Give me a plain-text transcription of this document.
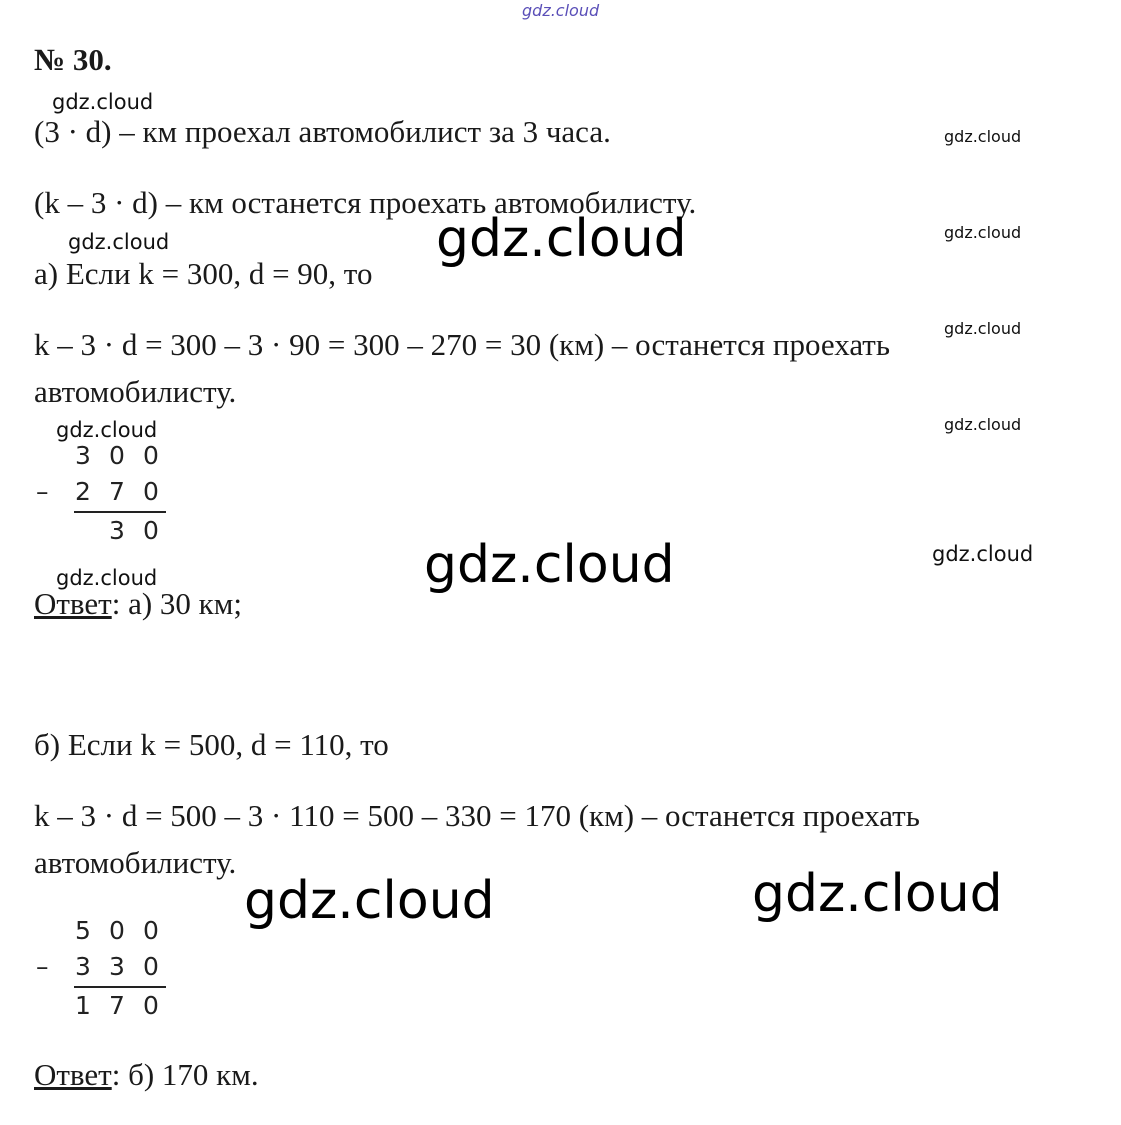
gdz.cloud
№ 30.
(3 · d) – км проехал автомобилист за 3 часа.
(k – 3 · d) – км останется проехать автомобилисту.
а) Если k = 300, d = 90, то
k – 3 · d = 300 – 3 · 90 = 300 – 270 = 30 (км) – останется проехать
автомобилисту.
3 0 0
– 2 7 0
3 0
Ответ: а) 30 км;
б) Если k = 500, d = 110, то
k – 3 · d = 500 – 3 · 110 = 500 – 330 = 170 (км) – останется проехать
автомобилисту.
5 0 0
– 3 3 0
1 7 0
Ответ: б) 170 км.
gdz.cloud
gdz.cloud
gdz.cloud	gdz.cloud	gdz.cloud
gdz.cloud
gdz.cloud
gdz.cloud
gdz.cloud	gdz.cloud
gdz.cloud
gdz.cloud	gdz.cloud
